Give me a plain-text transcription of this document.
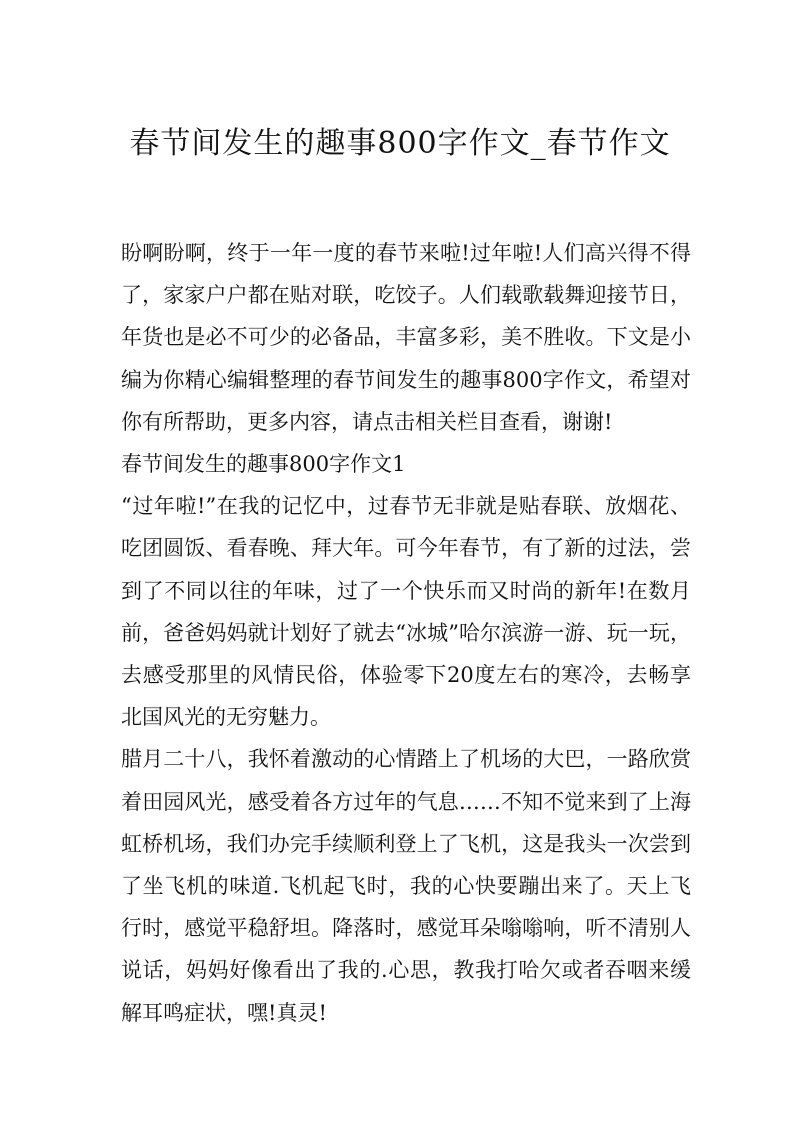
春节间发生的趣事800字作文_春节作文

盼啊盼啊，终于一年一度的春节来啦!过年啦!人们高兴得不得了，家家户户都在贴对联，吃饺子。人们载歌载舞迎接节日，年货也是必不可少的必备品，丰富多彩，美不胜收。下文是小编为你精心编辑整理的春节间发生的趣事800字作文，希望对你有所帮助，更多内容，请点击相关栏目查看，谢谢!

春节间发生的趣事800字作文1

“过年啦!”在我的记忆中，过春节无非就是贴春联、放烟花、吃团圆饭、看春晚、拜大年。可今年春节，有了新的过法，尝到了不同以往的年味，过了一个快乐而又时尚的新年!在数月前，爸爸妈妈就计划好了就去“冰城”哈尔滨游一游、玩一玩，去感受那里的风情民俗，体验零下20度左右的寒冷，去畅享北国风光的无穷魅力。

腊月二十八，我怀着激动的心情踏上了机场的大巴，一路欣赏着田园风光，感受着各方过年的气息……不知不觉来到了上海虹桥机场，我们办完手续顺利登上了飞机，这是我头一次尝到了坐飞机的味道.飞机起飞时，我的心快要蹦出来了。天上飞行时，感觉平稳舒坦。降落时，感觉耳朵嗡嗡响，听不清别人说话，妈妈好像看出了我的.心思，教我打哈欠或者吞咽来缓解耳鸣症状，嘿!真灵!
